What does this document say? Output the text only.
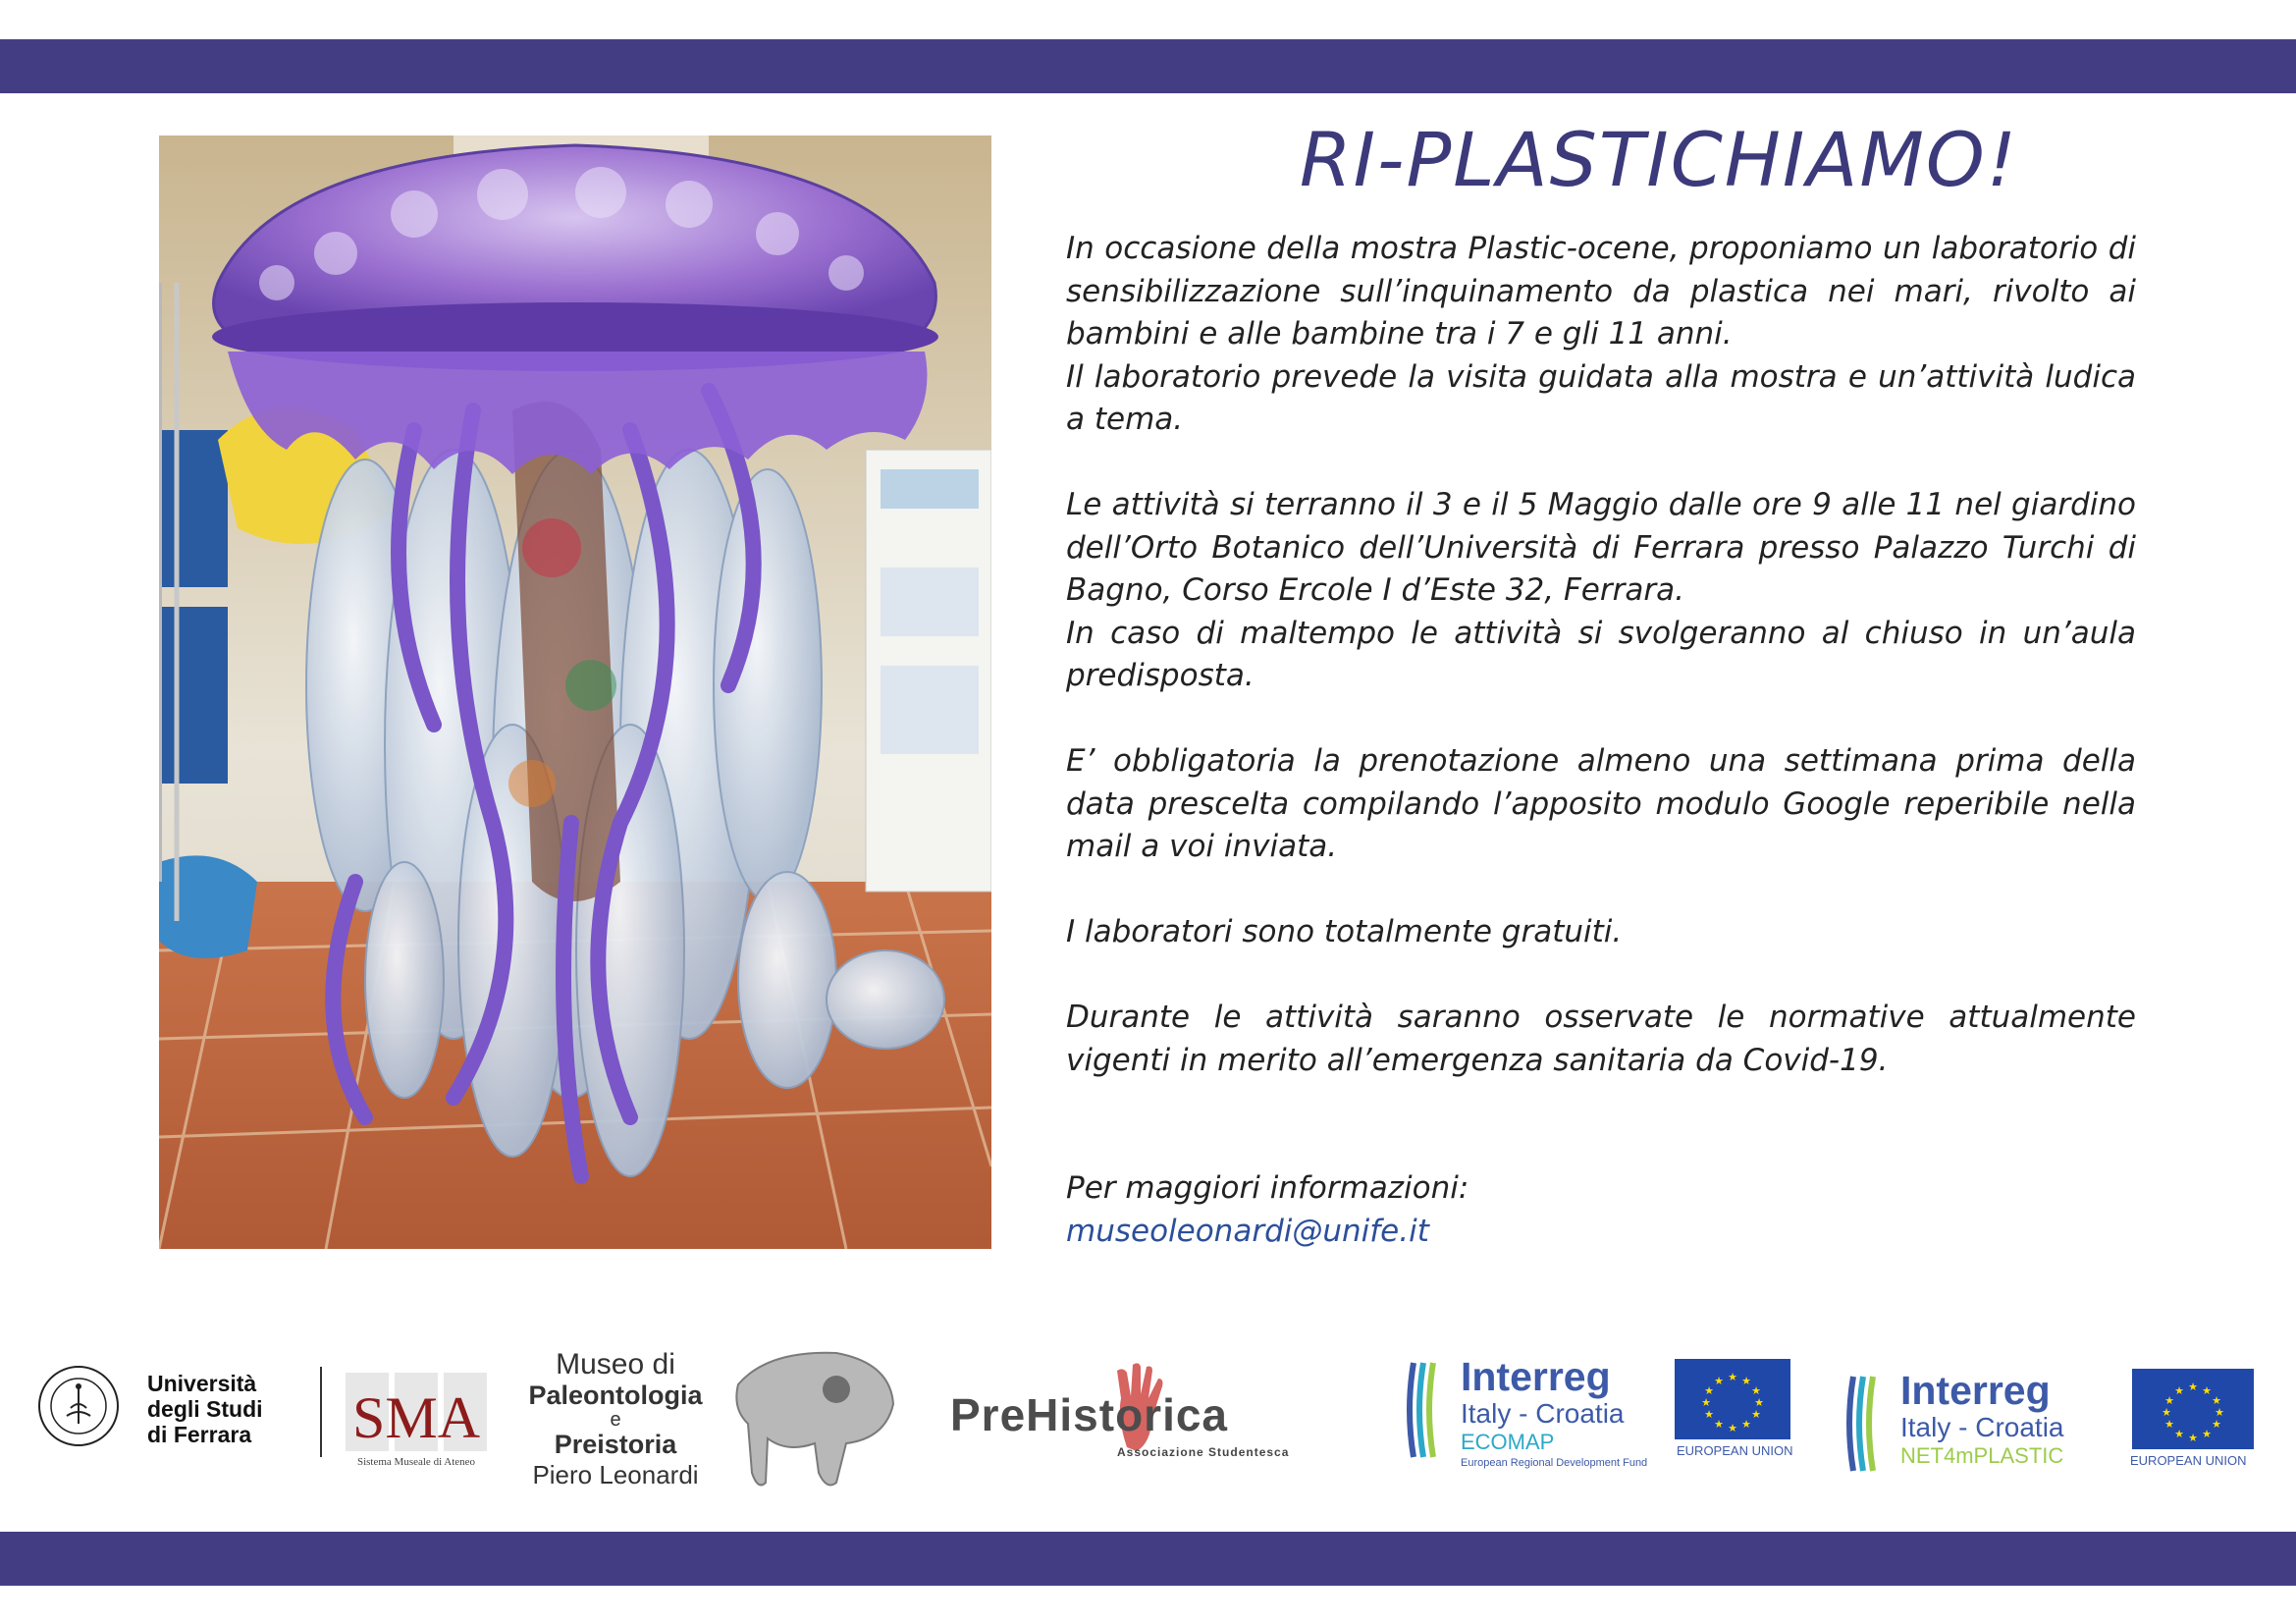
RI-PLASTICHIAMO!

In occasione della mostra Plastic-ocene, proponiamo un laboratorio di sensibilizzazione sull’inquinamento da plastica nei mari, rivolto ai bambini e alle bambine tra i 7 e gli 11 anni.

Il laboratorio prevede la visita guidata alla mostra e un’attività ludica a tema.

Le attività si terranno il 3 e il 5 Maggio dalle ore 9 alle 11 nel giardino dell’Orto Botanico dell’Università di Ferrara presso Palazzo Turchi di Bagno, Corso Ercole I d’Este 32, Ferrara.

In caso di maltempo le attività si svolgeranno al chiuso in un’aula predisposta.

E’ obbligatoria la prenotazione almeno una settimana prima della data prescelta compilando l’apposito modulo Google reperibile nella mail a voi inviata.

I laboratori sono totalmente gratuiti.

Durante le attività saranno osservate le normative attualmente vigenti in merito all’emergenza sanitaria da Covid-19.

Per maggiori informazioni:
museoleonardi@unife.it
Università
degli Studi
di Ferrara	SMA
Sistema Museale di Ateneo
Museo di
Paleontologia
e
Preistoria
Piero Leonardi
PreHistorica
Associazione Studentesca
Interreg
Italy - Croatia
ECOMAP
European Regional Development Fund
★ ★
★
★
★
★
★
★
★
★
★
★
EUROPEAN UNION
Interreg
Italy - Croatia
NET4mPLASTIC
★ ★
★
★
★
★
★
★
★
★
★
★
EUROPEAN UNION
